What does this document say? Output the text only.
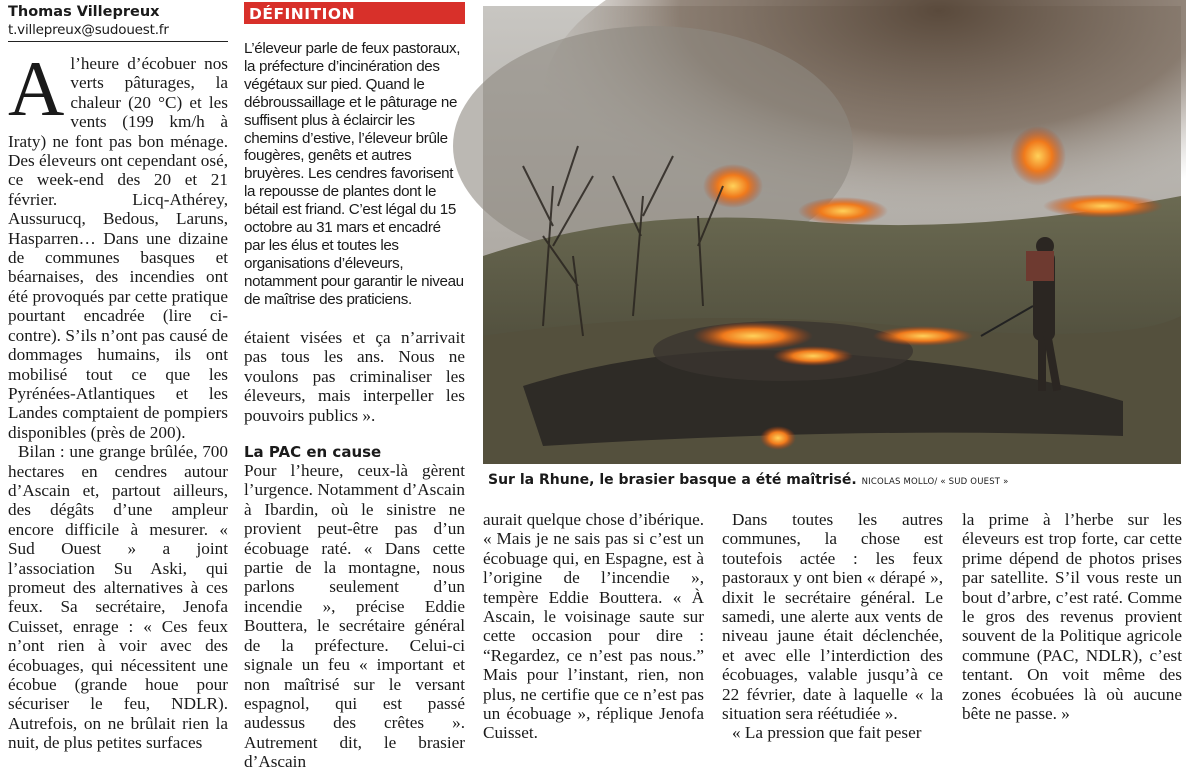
Thomas Villepreux
t.villepreux@sudouest.fr

A l’heure d’écobuer nos verts pâturages, la chaleur (20 °C) et les vents (199 km/h à Iraty) ne font pas bon ménage. Des éleveurs ont cependant osé, ce week-end des 20 et 21 février. Licq-Athérey, Aussurucq, Bedous, Laruns, Hasparren… Dans une dizaine de communes basques et béarnaises, des incendies ont été provoqués par cette pratique pourtant encadrée (lire ci-contre). S’ils n’ont pas causé de dommages humains, ils ont mobilisé tout ce que les Pyrénées-Atlantiques et les Landes comptaient de pompiers disponibles (près de 200).

Bilan : une grange brûlée, 700 hectares en cendres autour d’Ascain et, partout ailleurs, des dégâts d’une ampleur encore difficile à mesurer. « Sud Ouest » a joint l’association Su Aski, qui promeut des alternatives à ces feux. Sa secrétaire, Jenofa Cuisset, enrage : « Ces feux n’ont rien à voir avec des écobuages, qui nécessitent une écobue (grande houe pour sécuriser le feu, NDLR). Autrefois, on ne brûlait rien la nuit, de plus petites surfaces

DÉFINITION
L’éleveur parle de feux pastoraux, la préfecture d’incinération des végétaux sur pied. Quand le débroussaillage et le pâturage ne suffisent plus à éclaircir les chemins d’estive, l’éleveur brûle fougères, genêts et autres bruyères. Les cendres favorisent la repousse de plantes dont le bétail est friand. C’est légal du 15 octobre au 31 mars et encadré par les élus et toutes les organisations d’éleveurs, notamment pour garantir le niveau de maîtrise des praticiens.

étaient visées et ça n’arrivait pas tous les ans. Nous ne voulons pas criminaliser les éleveurs, mais interpeller les pouvoirs publics ».

La PAC en cause

Pour l’heure, ceux-là gèrent l’urgence. Notamment d’Ascain à Ibardin, où le sinistre ne provient peut-être pas d’un écobuage raté. « Dans cette partie de la montagne, nous parlons seulement d’un incendie », précise Eddie Bouttera, le secrétaire général de la préfecture. Celui-ci signale un feu « important et non maîtrisé sur le versant espagnol, qui est passé audessus des crêtes ». Autrement dit, le brasier d’Ascain

Sur la Rhune, le brasier basque a été maîtrisé. NICOLAS MOLLO/ « SUD OUEST »

aurait quelque chose d’ibérique. « Mais je ne sais pas si c’est un écobuage qui, en Espagne, est à l’origine de l’incendie », tempère Eddie Bouttera. « À Ascain, le voisinage saute sur cette occasion pour dire : “Regardez, ce n’est pas nous.” Mais pour l’instant, rien, non plus, ne certifie que ce n’est pas un écobuage », réplique Jenofa Cuisset.

Dans toutes les autres communes, la chose est toutefois actée : les feux pastoraux y ont bien « dérapé », dixit le secrétaire général. Le samedi, une alerte aux vents de niveau jaune était déclenchée, et avec elle l’interdiction des écobuages, valable jusqu’à ce 22 février, date à laquelle « la situation sera réétudiée ».

« La pression que fait peser

la prime à l’herbe sur les éleveurs est trop forte, car cette prime dépend de photos prises par satellite. S’il vous reste un bout d’arbre, c’est raté. Comme le gros des revenus provient souvent de la Politique agricole commune (PAC, NDLR), c’est tentant. On voit même des zones écobuées là où aucune bête ne passe. »
